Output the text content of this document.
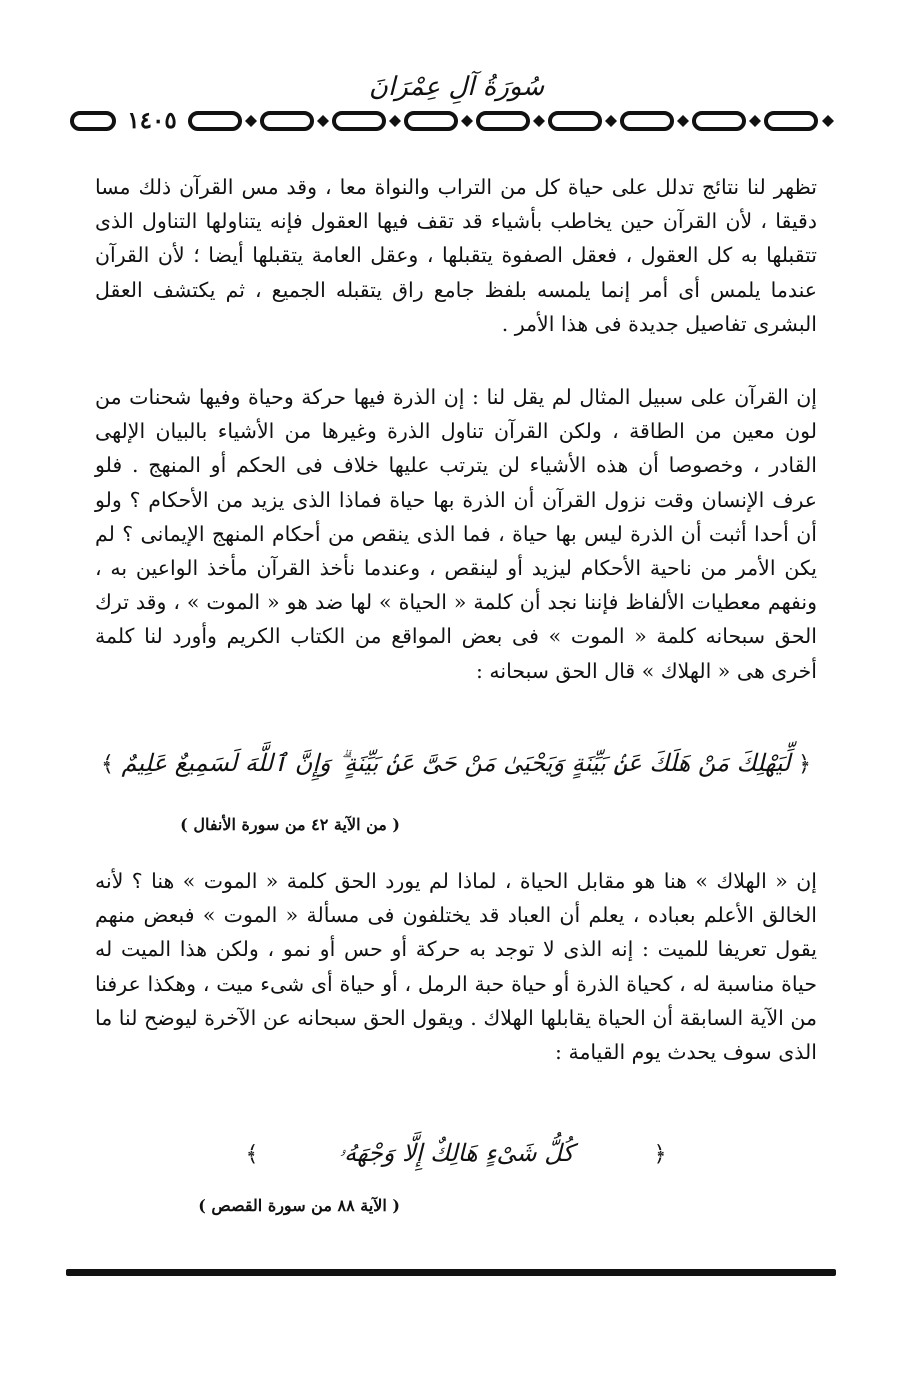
سُورَةُ آلِ عِمْرَانَ
١٤٠٥

تظهر لنا نتائج تدلل على حياة كل من التراب والنواة معا ، وقد مس القرآن ذلك مسا دقيقا ، لأن القرآن حين يخاطب بأشياء قد تقف فيها العقول فإنه يتناولها التناول الذى تتقبلها به كل العقول ، فعقل الصفوة يتقبلها ، وعقل العامة يتقبلها أيضا ؛ لأن القرآن عندما يلمس أى أمر إنما يلمسه بلفظ جامع راق يتقبله الجميع ، ثم يكتشف العقل البشرى تفاصيل جديدة فى هذا الأمر .

إن القرآن على سبيل المثال لم يقل لنا : إن الذرة فيها حركة وحياة وفيها شحنات من لون معين من الطاقة ، ولكن القرآن تناول الذرة وغيرها من الأشياء بالبيان الإلهى القادر ، وخصوصا أن هذه الأشياء لن يترتب عليها خلاف فى الحكم أو المنهج . فلو عرف الإنسان وقت نزول القرآن أن الذرة بها حياة فماذا الذى يزيد من الأحكام ؟ ولو أن أحدا أثبت أن الذرة ليس بها حياة ، فما الذى ينقص من أحكام المنهج الإيمانى ؟ لم يكن الأمر من ناحية الأحكام ليزيد أو لينقص ، وعندما نأخذ القرآن مأخذ الواعين به ، ونفهم معطيات الألفاظ فإننا نجد أن كلمة « الحياة » لها ضد هو « الموت » ، وقد ترك الحق سبحانه كلمة « الموت » فى بعض المواقع من الكتاب الكريم وأورد لنا كلمة أخرى هى « الهلاك » قال الحق سبحانه :

﴿ لِّيَهْلِكَ مَنْ هَلَكَ عَنۢ بَيِّنَةٍ وَيَحْيَىٰ مَنْ حَىَّ عَنۢ بَيِّنَةٍ ۗ وَإِنَّ ٱللَّهَ لَسَمِيعٌ عَلِيمٌ ﴾
( من الآية ٤٢ من سورة الأنفال )

إن « الهلاك » هنا هو مقابل الحياة ، لماذا لم يورد الحق كلمة « الموت » هنا ؟ لأنه الخالق الأعلم بعباده ، يعلم أن العباد قد يختلفون فى مسألة « الموت » فبعض منهم يقول تعريفا للميت : إنه الذى لا توجد به حركة أو حس أو نمو ، ولكن هذا الميت له حياة مناسبة له ، كحياة الذرة أو حياة حبة الرمل ، أو حياة أى شىء ميت ، وهكذا عرفنا من الآية السابقة أن الحياة يقابلها الهلاك . ويقول الحق سبحانه عن الآخرة ليوضح لنا ما الذى سوف يحدث يوم القيامة :

﴿ كُلُّ شَىْءٍ هَالِكٌ إِلَّا وَجْهَهُۥ ﴾
( الآية ٨٨ من سورة القصص )
